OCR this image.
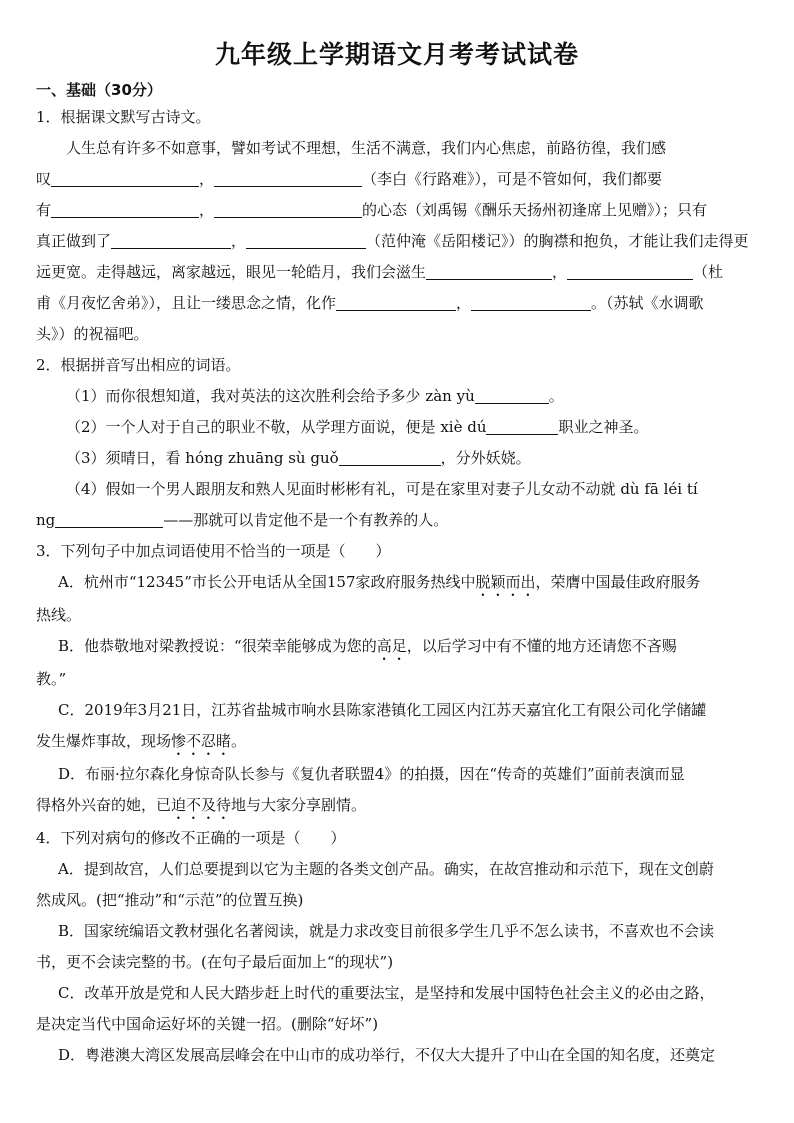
九年级上学期语文月考考试试卷

一、基础（30分）

1．根据课文默写古诗文。

人生总有许多不如意事，譬如考试不理想，生活不满意，我们内心焦虑，前路彷徨，我们感

叹	，	（李白《行路难》），可是不管如何，我们都要

有	，	的心态（刘禹锡《酬乐天扬州初逢席上见赠》）；只有

真正做到了	，	（范仲淹《岳阳楼记》）的胸襟和抱负，才能让我们走得更

远更宽。走得越远，离家越远，眼见一轮皓月，我们会滋生	，	（杜

甫《月夜忆舍弟》），且让一缕思念之情，化作	，	。（苏轼《水调歌

头》）的祝福吧。

2．根据拼音写出相应的词语。

（1）而你很想知道，我对英法的这次胜利会给予多少 zàn yù	。

（2）一个人对于自己的职业不敬，从学理方面说，便是 xiè dú	职业之神圣。

（3）须晴日，看 hóng zhuāng sù guǒ	，分外妖娆。

（4）假如一个男人跟朋友和熟人见面时彬彬有礼，可是在家里对妻子儿女动不动就 dù fā léi tí

ng	——那就可以肯定他不是一个有教养的人。

3．下列句子中加点词语使用不恰当的一项是（　　）

A．杭州市“12345”市长公开电话从全国157家政府服务热线中脱颖而出，荣膺中国最佳政府服务

热线。

B．他恭敬地对梁教授说：“很荣幸能够成为您的高足，以后学习中有不懂的地方还请您不吝赐

教。”

C．2019年3月21日，江苏省盐城市响水县陈家港镇化工园区内江苏天嘉宜化工有限公司化学储罐

发生爆炸事故，现场惨不忍睹。

D．布丽·拉尔森化身惊奇队长参与《复仇者联盟4》的拍摄，因在“传奇的英雄们”面前表演而显

得格外兴奋的她，已迫不及待地与大家分享剧情。

4．下列对病句的修改不正确的一项是（　　）

A．提到故宫，人们总要提到以它为主题的各类文创产品。确实，在故宫推动和示范下，现在文创蔚

然成风。(把“推动”和“示范”的位置互换)

B．国家统编语文教材强化名著阅读，就是力求改变目前很多学生几乎不怎么读书，不喜欢也不会读

书，更不会读完整的书。(在句子最后面加上“的现状”)

C．改革开放是党和人民大踏步赶上时代的重要法宝，是坚持和发展中国特色社会主义的必由之路，

是决定当代中国命运好坏的关键一招。(删除“好坏”)

D．粤港澳大湾区发展高层峰会在中山市的成功举行，不仅大大提升了中山在全国的知名度，还奠定
